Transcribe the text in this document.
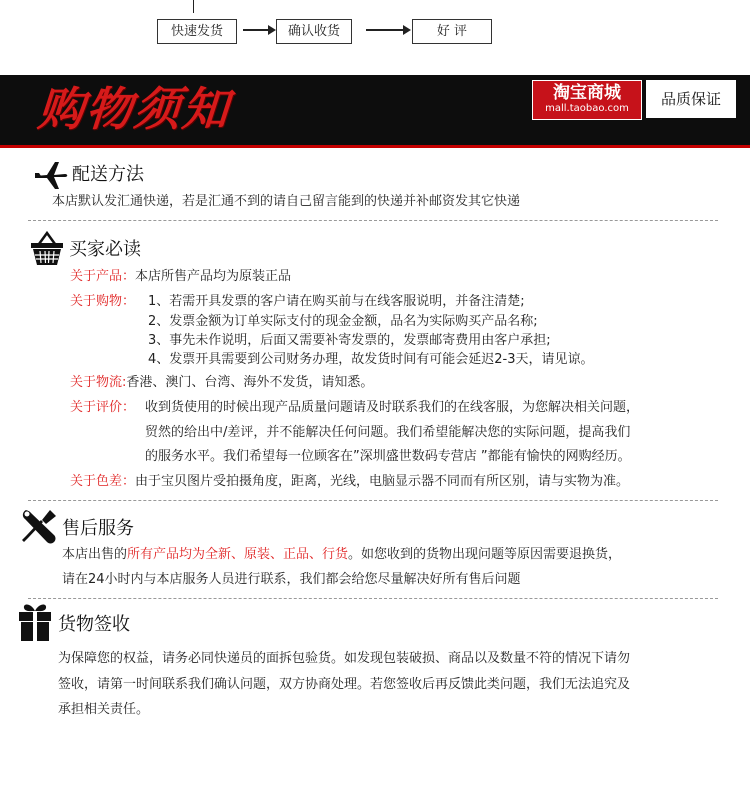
快速发货	确认收货	好 评
购物须知	淘宝商城
mall.taobao.com
品质保证
配送方法
本店默认发汇通快递，若是汇通不到的请自己留言能到的快递并补邮资发其它快递
买家必读
关于产品：本店所售产品均为原装正品
关于购物： 1、若需开具发票的客户请在购买前与在线客服说明，并备注清楚;
2、发票金额为订单实际支付的现金金额，品名为实际购买产品名称;
3、事先未作说明，后面又需要补寄发票的，发票邮寄费用由客户承担;
4、发票开具需要到公司财务办理，故发货时间有可能会延迟2-3天，请见谅。
关于物流:香港、澳门、台湾、海外不发货，请知悉。
关于评价： 收到货使用的时候出现产品质量问题请及时联系我们的在线客服，为您解决相关问题，
贸然的给出中/差评，并不能解决任何问题。我们希望能解决您的实际问题，提高我们
的服务水平。我们希望每一位顾客在”深圳盛世数码专营店 ”都能有愉快的网购经历。
关于色差：由于宝贝图片受拍摄角度，距离，光线，电脑显示器不同而有所区别，请与实物为准。
售后服务
本店出售的所有产品均为全新、原装、正品、行货。如您收到的货物出现问题等原因需要退换货，
请在24小时内与本店服务人员进行联系，我们都会给您尽量解决好所有售后问题
货物签收
为保障您的权益，请务必同快递员的面拆包验货。如发现包装破损、商品以及数量不符的情况下请勿
签收，请第一时间联系我们确认问题，双方协商处理。若您签收后再反馈此类问题，我们无法追究及
承担相关责任。
